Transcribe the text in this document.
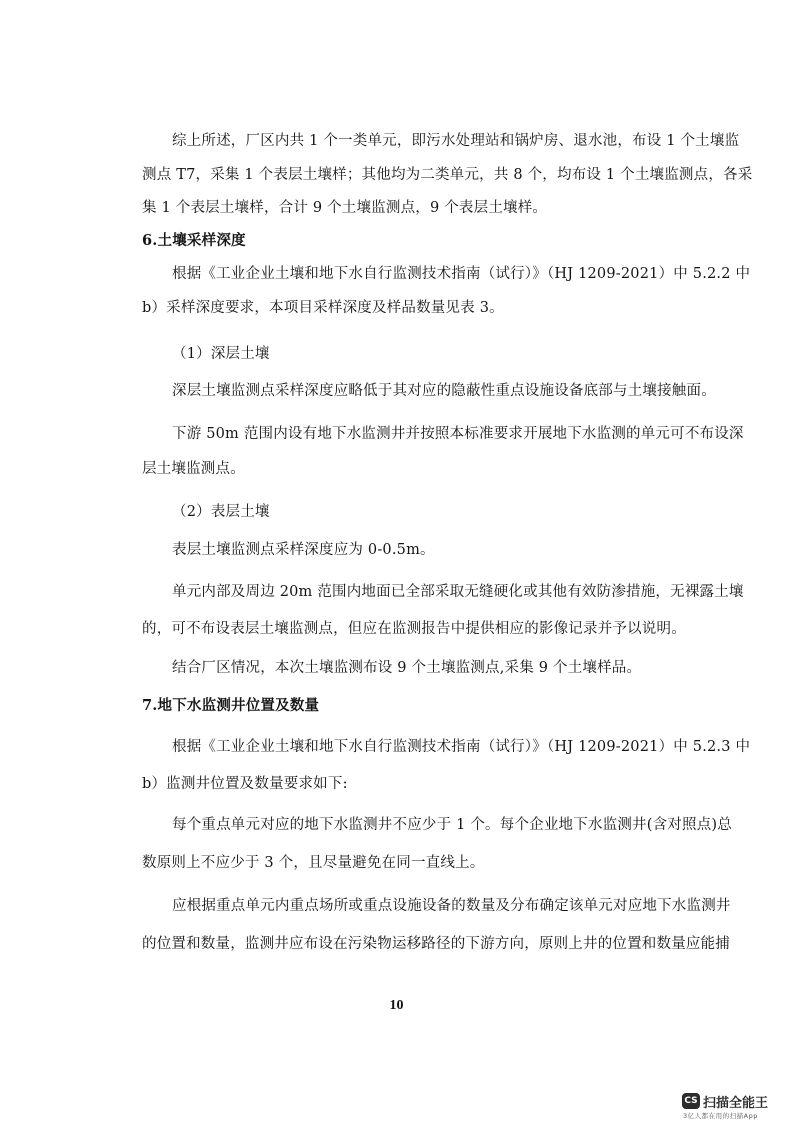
综上所述，厂区内共 1 个一类单元，即污水处理站和锅炉房、退水池，布设 1 个土壤监
测点 T7，采集 1 个表层土壤样；其他均为二类单元，共 8 个，均布设 1 个土壤监测点，各采
集 1 个表层土壤样，合计 9 个土壤监测点，9 个表层土壤样。
6.土壤采样深度
根据《工业企业土壤和地下水自行监测技术指南（试行）》（HJ 1209-2021）中 5.2.2 中
b）采样深度要求，本项目采样深度及样品数量见表 3。
（1）深层土壤
深层土壤监测点采样深度应略低于其对应的隐蔽性重点设施设备底部与土壤接触面。
下游 50m 范围内设有地下水监测井并按照本标准要求开展地下水监测的单元可不布设深
层土壤监测点。
（2）表层土壤
表层土壤监测点采样深度应为 0-0.5m。
单元内部及周边 20m 范围内地面已全部采取无缝硬化或其他有效防渗措施，无裸露土壤
的，可不布设表层土壤监测点，但应在监测报告中提供相应的影像记录并予以说明。
结合厂区情况，本次土壤监测布设 9 个土壤监测点,采集 9 个土壤样品。
7.地下水监测井位置及数量
根据《工业企业土壤和地下水自行监测技术指南（试行）》（HJ 1209-2021）中 5.2.3 中
b）监测井位置及数量要求如下:
每个重点单元对应的地下水监测井不应少于 1 个。每个企业地下水监测井(含对照点)总
数原则上不应少于 3 个，且尽量避免在同一直线上。
应根据重点单元内重点场所或重点设施设备的数量及分布确定该单元对应地下水监测井
的位置和数量，监测井应布设在污染物运移路径的下游方向，原则上井的位置和数量应能捕
10
CS 扫描全能王
3亿人都在用的扫描App
